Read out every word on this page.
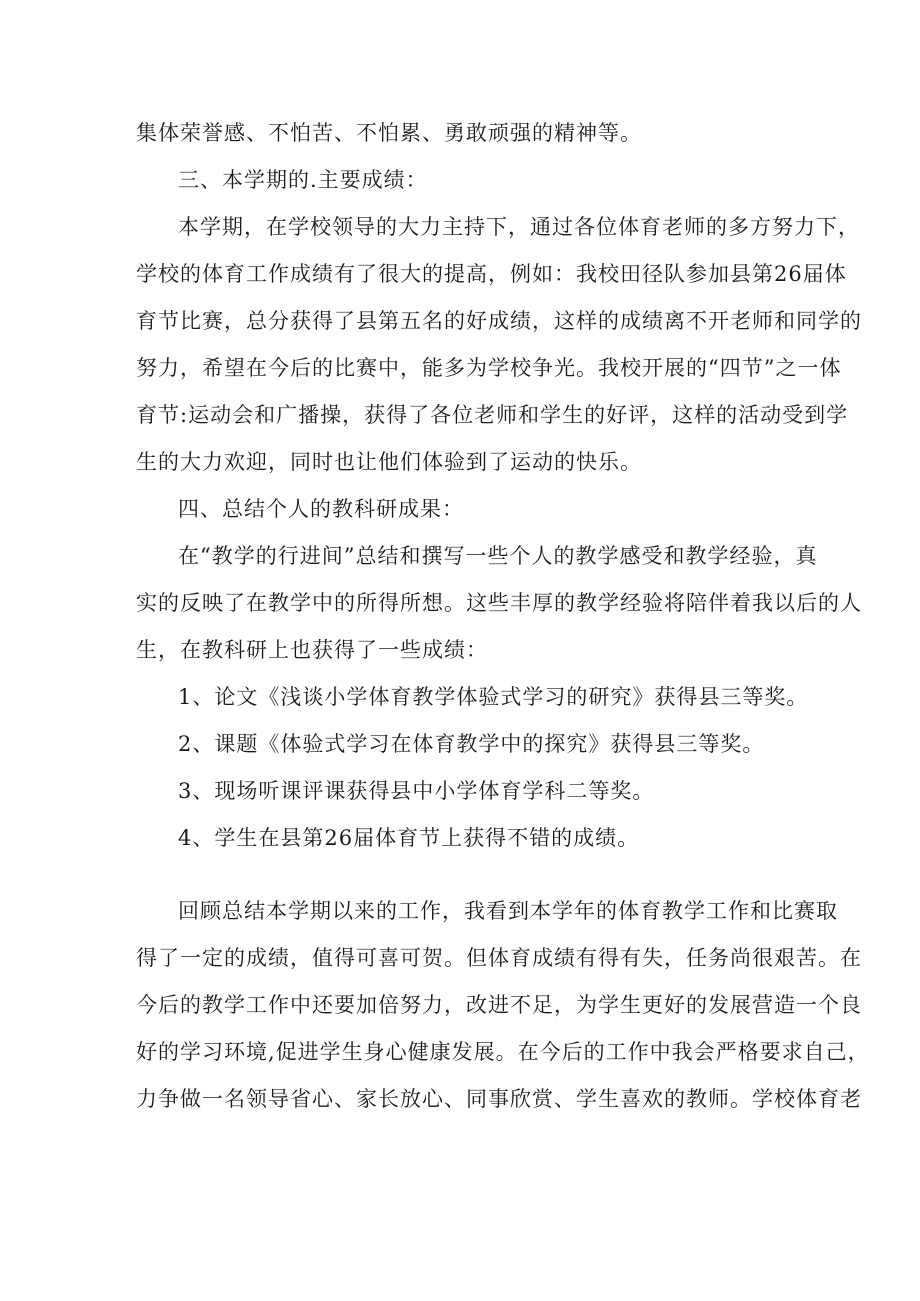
集体荣誉感、不怕苦、不怕累、勇敢顽强的精神等。
三、本学期的.主要成绩：
本学期，在学校领导的大力主持下，通过各位体育老师的多方努力下，
学校的体育工作成绩有了很大的提高，例如：我校田径队参加县第26届体
育节比赛，总分获得了县第五名的好成绩，这样的成绩离不开老师和同学的
努力，希望在今后的比赛中，能多为学校争光。我校开展的“四节”之一体
育节:运动会和广播操，获得了各位老师和学生的好评，这样的活动受到学
生的大力欢迎，同时也让他们体验到了运动的快乐。
四、总结个人的教科研成果：
在“教学的行进间”总结和撰写一些个人的教学感受和教学经验，真
实的反映了在教学中的所得所想。这些丰厚的教学经验将陪伴着我以后的人
生，在教科研上也获得了一些成绩：
1、论文《浅谈小学体育教学体验式学习的研究》获得县三等奖。
2、课题《体验式学习在体育教学中的探究》获得县三等奖。
3、现场听课评课获得县中小学体育学科二等奖。
4、学生在县第26届体育节上获得不错的成绩。
回顾总结本学期以来的工作，我看到本学年的体育教学工作和比赛取
得了一定的成绩，值得可喜可贺。但体育成绩有得有失，任务尚很艰苦。在
今后的教学工作中还要加倍努力，改进不足，为学生更好的发展营造一个良
好的学习环境,促进学生身心健康发展。在今后的工作中我会严格要求自己，
力争做一名领导省心、家长放心、同事欣赏、学生喜欢的教师。学校体育老
